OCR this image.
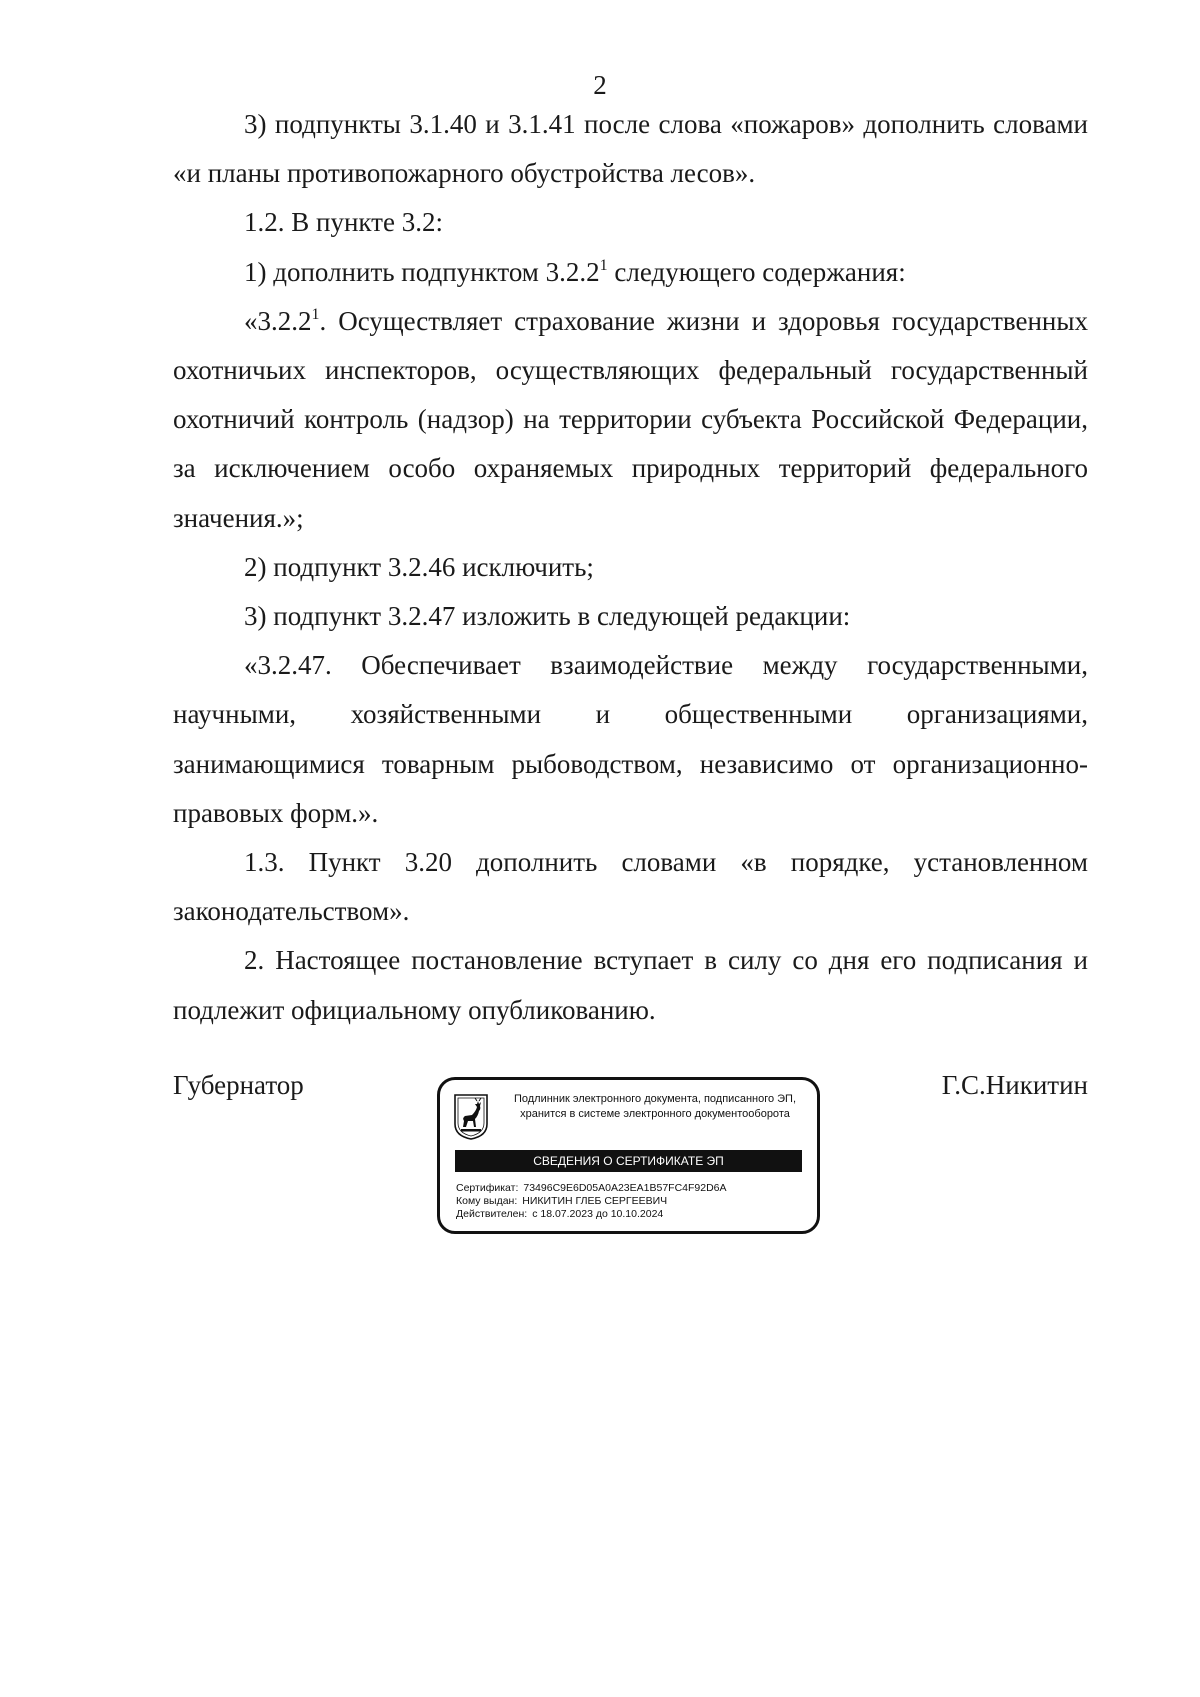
2

3) подпункты 3.1.40 и 3.1.41 после слова «пожаров» дополнить словами «и планы противопожарного обустройства лесов».

1.2. В пункте 3.2:

1) дополнить подпунктом 3.2.2$^1$ следующего содержания:

«3.2.2$^1$. Осуществляет страхование жизни и здоровья государственных охотничьих инспекторов, осуществляющих федеральный государственный охотничий контроль (надзор) на территории субъекта Российской Федерации, за исключением особо охраняемых природных территорий федерального значения.»;

2) подпункт 3.2.46 исключить;

3) подпункт 3.2.47 изложить в следующей редакции:

«3.2.47. Обеспечивает взаимодействие между государственными, научными, хозяйственными и общественными организациями, занимающимися товарным рыбоводством, независимо от организационно-правовых форм.».

1.3. Пункт 3.20 дополнить словами «в порядке, установленном законодательством».

2. Настоящее постановление вступает в силу со дня его подписания и подлежит официальному опубликованию.

Губернатор	Г.С.Никитин
Подлинник электронного документа, подписанного ЭП,
хранится в системе электронного документооборота
СВЕДЕНИЯ О СЕРТИФИКАТЕ ЭП
Сертификат: 73496C9E6D05A0A23EA1B57FC4F92D6A
Кому выдан: НИКИТИН ГЛЕБ СЕРГЕЕВИЧ
Действителен: с 18.07.2023 до 10.10.2024
